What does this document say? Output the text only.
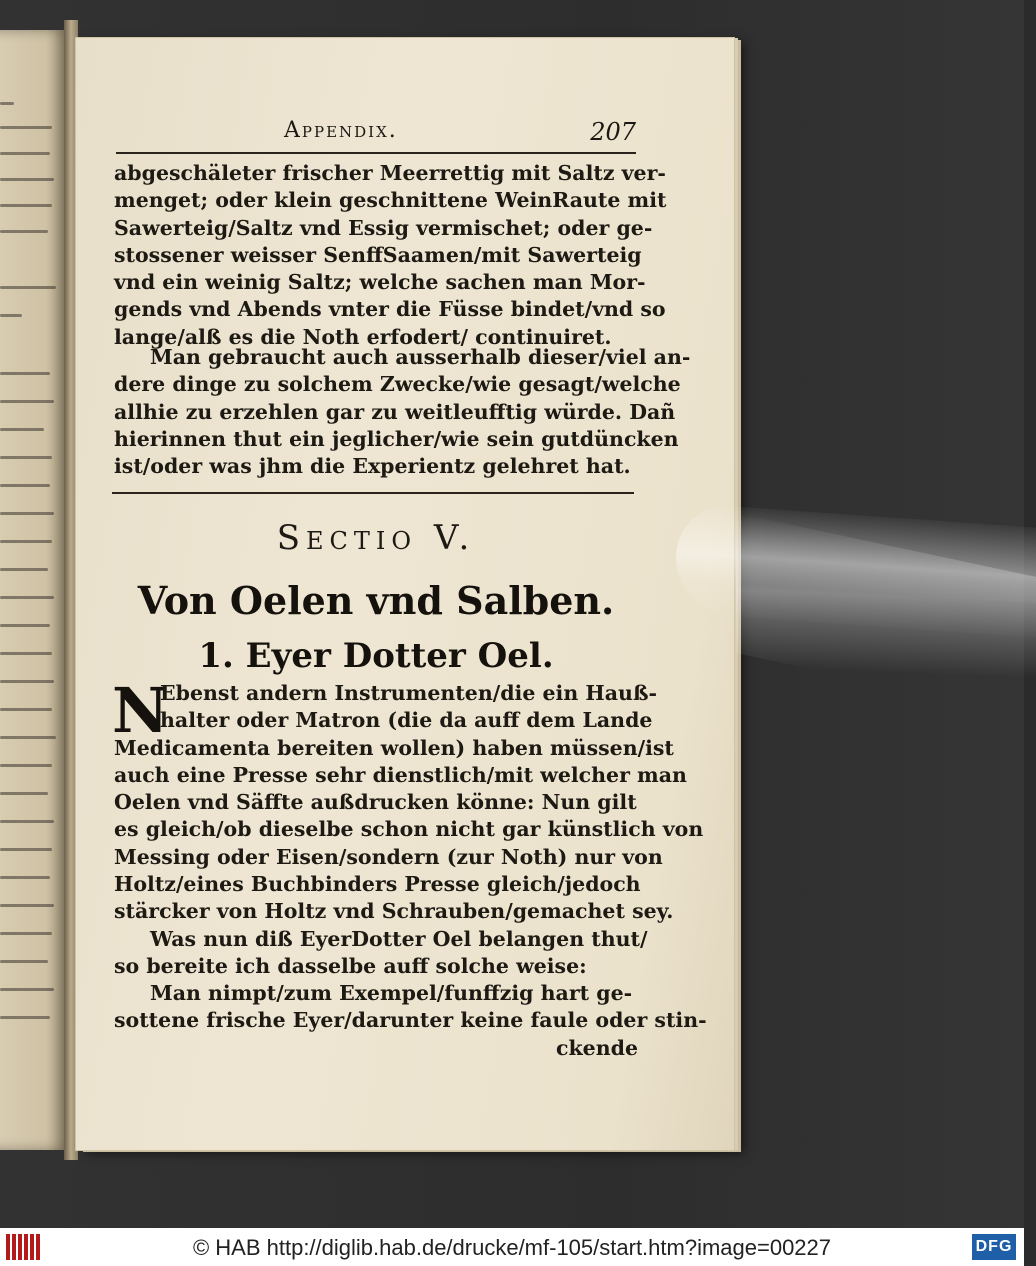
Appendix.	207
abgeschäleter frischer Meerrettig mit Saltz ver-
menget; oder klein geschnittene WeinRaute mit
Sawerteig/Saltz vnd Essig vermischet; oder ge-
stossener weisser SenffSaamen/mit Sawerteig
vnd ein weinig Saltz; welche sachen man Mor-
gends vnd Abends vnter die Füsse bindet/vnd so
lange/alß es die Noth erfodert/ continuiret.
Man gebraucht auch ausserhalb dieser/viel an-
dere dinge zu solchem Zwecke/wie gesagt/welche
allhie zu erzehlen gar zu weitleufftig würde. Dañ
hierinnen thut ein jeglicher/wie sein gutdüncken
ist/oder was jhm die Experientz gelehret hat.
Sectio V.
Von Oelen vnd Salben.
1. Eyer Dotter Oel.
N
Ebenst andern Instrumenten/die ein Hauß-
halter oder Matron (die da auff dem Lande
Medicamenta bereiten wollen) haben müssen/ist
auch eine Presse sehr dienstlich/mit welcher man
Oelen vnd Säffte außdrucken könne: Nun gilt
es gleich/ob dieselbe schon nicht gar künstlich von
Messing oder Eisen/sondern (zur Noth) nur von
Holtz/eines Buchbinders Presse gleich/jedoch
stärcker von Holtz vnd Schrauben/gemachet sey.
Was nun diß EyerDotter Oel belangen thut/
so bereite ich dasselbe auff solche weise:
Man nimpt/zum Exempel/funffzig hart ge-
sottene frische Eyer/darunter keine faule oder stin-
ckende
© HAB http://diglib.hab.de/drucke/mf-105/start.htm?image=00227	DFG
